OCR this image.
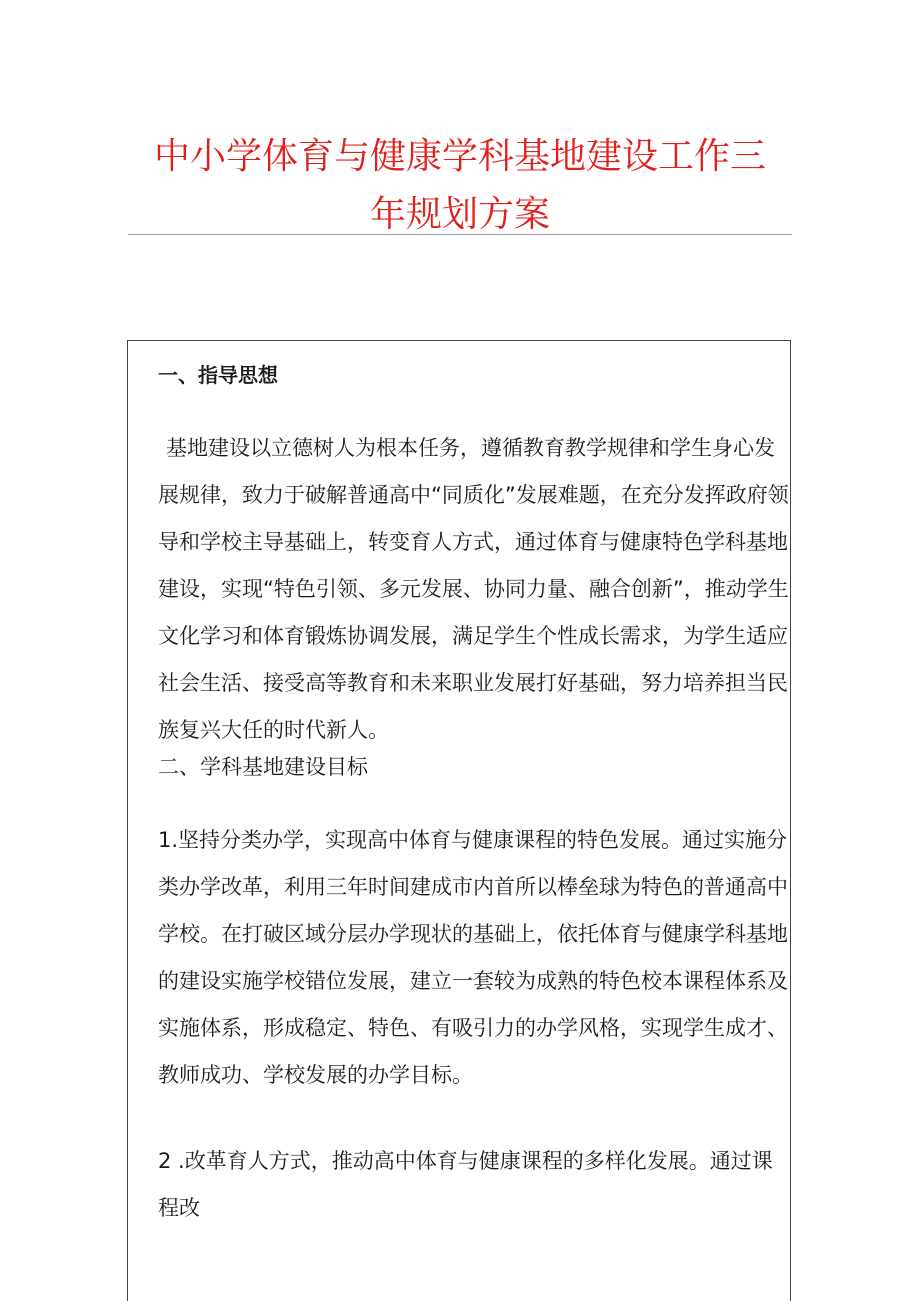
中小学体育与健康学科基地建设工作三
年规划方案

一、指导思想

基地建设以立德树人为根本任务，遵循教育教学规律和学生身心发展规律，致力于破解普通高中“同质化”发展难题，在充分发挥政府领导和学校主导基础上，转变育人方式，通过体育与健康特色学科基地建设，实现“特色引领、多元发展、协同力量、融合创新”，推动学生文化学习和体育锻炼协调发展，满足学生个性成长需求，为学生适应社会生活、接受高等教育和未来职业发展打好基础，努力培养担当民族复兴大任的时代新人。

二、学科基地建设目标

1.坚持分类办学，实现高中体育与健康课程的特色发展。通过实施分类办学改革，利用三年时间建成市内首所以棒垒球为特色的普通高中学校。在打破区域分层办学现状的基础上，依托体育与健康学科基地的建设实施学校错位发展，建立一套较为成熟的特色校本课程体系及实施体系，形成稳定、特色、有吸引力的办学风格，实现学生成才、教师成功、学校发展的办学目标。

2 .改革育人方式，推动高中体育与健康课程的多样化发展。通过课程改
